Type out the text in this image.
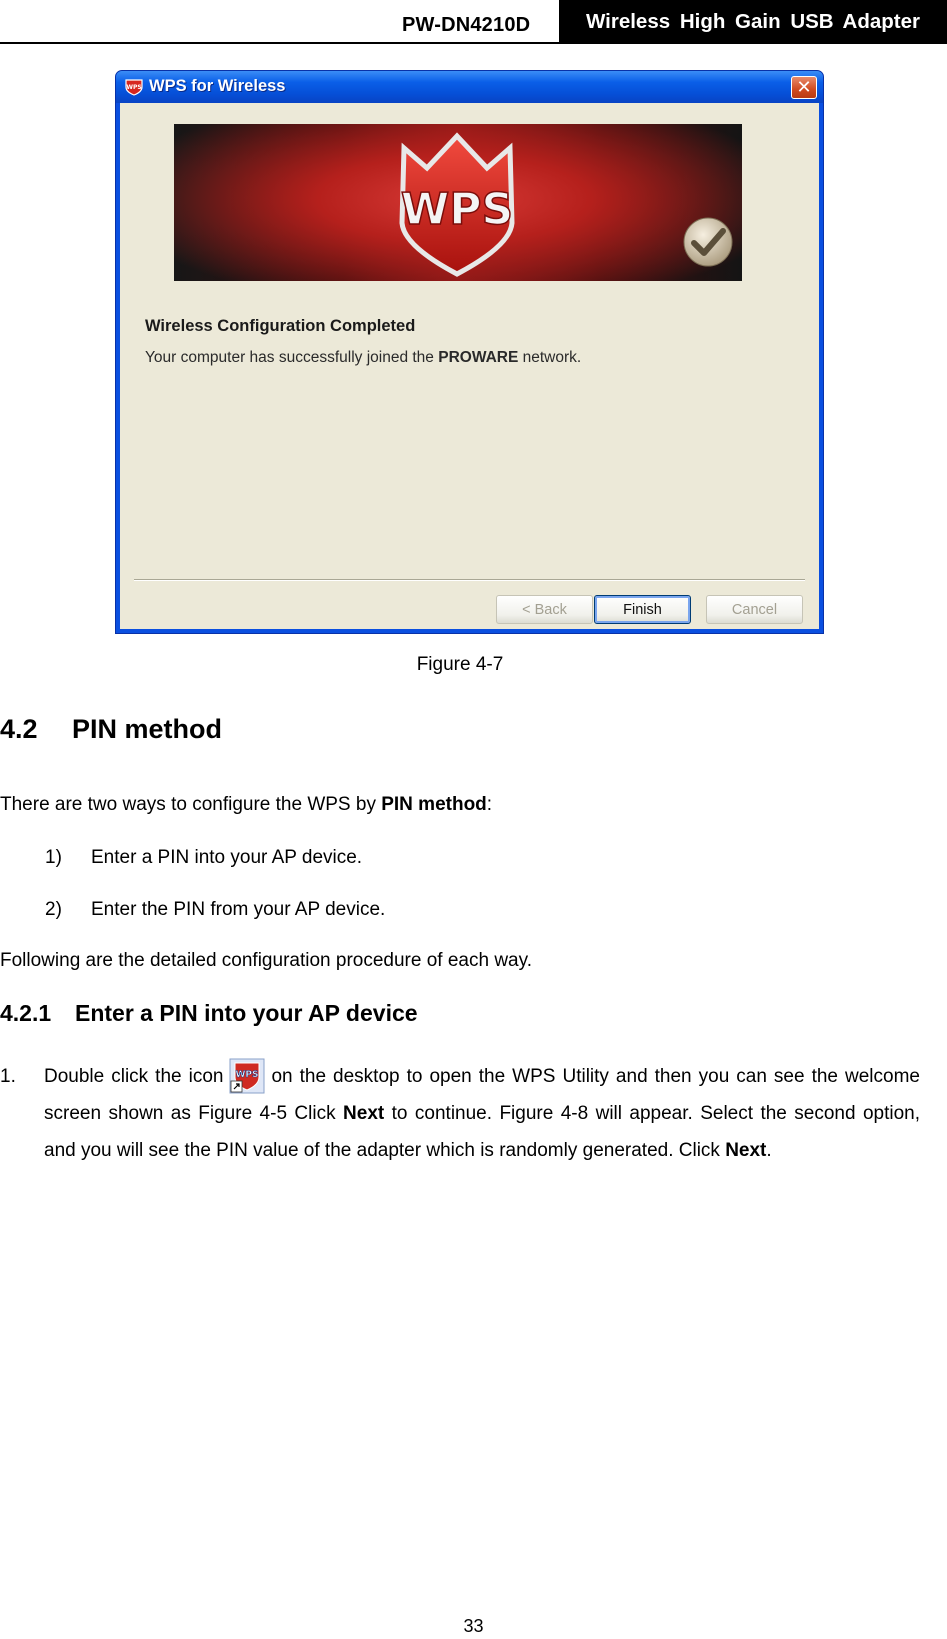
PW-DN4210D	Wireless High Gain USB Adapter
WPS WPS for Wireless	✕
WPS
Wireless Configuration Completed
Your computer has successfully joined the PROWARE network.
< Back	Finish	Cancel
Figure 4-7
4.2 PIN method
There are two ways to configure the WPS by PIN method:
1) Enter a PIN into your AP device.
2) Enter the PIN from your AP device.
Following are the detailed configuration procedure of each way.
4.2.1 Enter a PIN into your AP device
1. Double click the icon WPS on the desktop to open the WPS Utility and then you can see the welcome screen shown as Figure 4-5 Click Next to continue. Figure 4-8 will appear. Select the second option, and you will see the PIN value of the adapter which is randomly generated. Click Next.
33
